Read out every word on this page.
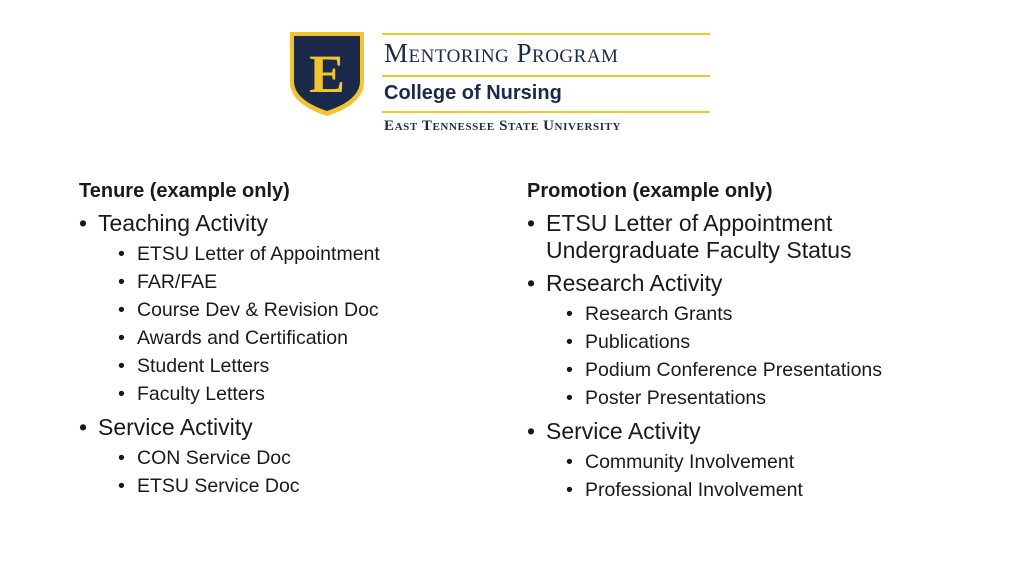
E Mentoring Program
College of Nursing
East Tennessee State University
Tenure (example only)
• Teaching Activity
• ETSU Letter of Appointment
• FAR/FAE
• Course Dev & Revision Doc
• Awards and Certification
• Student Letters
• Faculty Letters
• Service Activity
• CON Service Doc
• ETSU Service Doc
Promotion (example only)
• ETSU Letter of Appointment
Undergraduate Faculty Status
• Research Activity
• Research Grants
• Publications
• Podium Conference Presentations
• Poster Presentations
• Service Activity
• Community Involvement
• Professional Involvement
